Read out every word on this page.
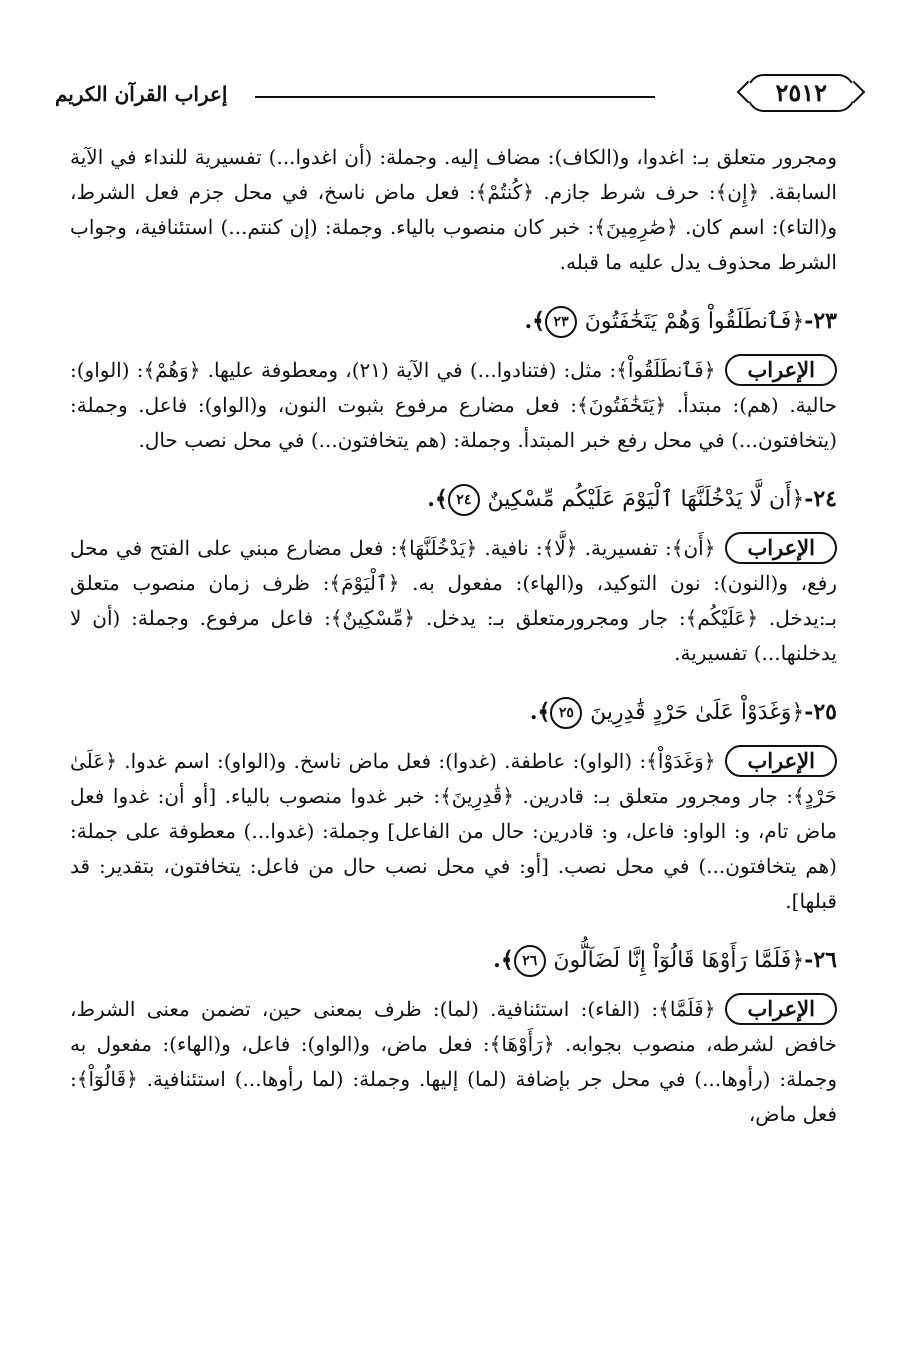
٢٥١٢
إعراب القرآن الكريم

ومجرور متعلق بـ: اغدوا، و(الكاف): مضاف إليه. وجملة: (أن اغدوا...) تفسيرية للنداء في الآية السابقة. ﴿إِن﴾: حرف شرط جازم. ﴿كُنتُمْ﴾: فعل ماض ناسخ، في محل جزم فعل الشرط، و(التاء): اسم كان. ﴿صَٰرِمِينَ﴾: خبر كان منصوب بالياء. وجملة: (إن كنتم...) استئنافية، وجواب الشرط محذوف يدل عليه ما قبله.

٢٣-﴿فَٱنطَلَقُواْ وَهُمْ يَتَخَٰفَتُونَ ٢٣﴾.

الإعراب﴿فَٱنطَلَقُواْ﴾: مثل: (فتنادوا...) في الآية (٢١)، ومعطوفة عليها. ﴿وَهُمْ﴾: (الواو): حالية. (هم): مبتدأ. ﴿يَتَخَٰفَتُونَ﴾: فعل مضارع مرفوع بثبوت النون، و(الواو): فاعل. وجملة: (يتخافتون...) في محل رفع خبر المبتدأ. وجملة: (هم يتخافتون...) في محل نصب حال.

٢٤-﴿أَن لَّا يَدْخُلَنَّهَا ٱلْيَوْمَ عَلَيْكُم مِّسْكِينٌ ٢٤﴾.

الإعراب﴿أَن﴾: تفسيرية. ﴿لَّا﴾: نافية. ﴿يَدْخُلَنَّهَا﴾: فعل مضارع مبني على الفتح في محل رفع، و(النون): نون التوكيد، و(الهاء): مفعول به. ﴿ٱلْيَوْمَ﴾: ظرف زمان منصوب متعلق بـ:يدخل. ﴿عَلَيْكُم﴾: جار ومجرورمتعلق بـ: يدخل. ﴿مِّسْكِينٌ﴾: فاعل مرفوع. وجملة: (أن لا يدخلنها...) تفسيرية.

٢٥-﴿وَغَدَوْاْ عَلَىٰ حَرْدٍ قَٰدِرِينَ ٢٥﴾.

الإعراب﴿وَغَدَوْاْ﴾: (الواو): عاطفة. (غدوا): فعل ماض ناسخ. و(الواو): اسم غدوا. ﴿عَلَىٰ حَرْدٍ﴾: جار ومجرور متعلق بـ: قادرين. ﴿قَٰدِرِينَ﴾: خبر غدوا منصوب بالياء. [أو أن: غدوا فعل ماض تام، و: الواو: فاعل، و: قادرين: حال من الفاعل] وجملة: (غدوا...) معطوفة على جملة: (هم يتخافتون...) في محل نصب. [أو: في محل نصب حال من فاعل: يتخافتون، بتقدير: قد قبلها].

٢٦-﴿فَلَمَّا رَأَوْهَا قَالُوٓاْ إِنَّا لَضَآلُّونَ ٢٦﴾.

الإعراب﴿فَلَمَّا﴾: (الفاء): استئنافية. (لما): ظرف بمعنى حين، تضمن معنى الشرط، خافض لشرطه، منصوب بجوابه. ﴿رَأَوْهَا﴾: فعل ماض، و(الواو): فاعل، و(الهاء): مفعول به وجملة: (رأوها...) في محل جر بإضافة (لما) إليها. وجملة: (لما رأوها...) استئنافية. ﴿قَالُوٓاْ﴾: فعل ماض،
